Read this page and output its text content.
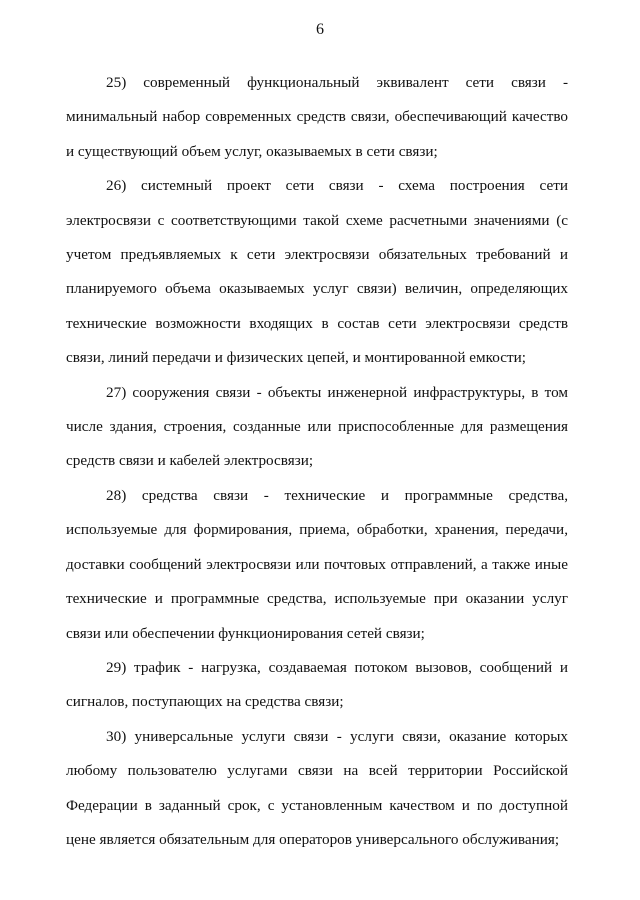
6

25) современный функциональный эквивалент сети связи - минимальный набор современных средств связи, обеспечивающий качество и существующий объем услуг, оказываемых в сети связи;

26) системный проект сети связи - схема построения сети электросвязи с соответствующими такой схеме расчетными значениями (с учетом предъявляемых к сети электросвязи обязательных требований и планируемого объема оказываемых услуг связи) величин, определяющих технические возможности входящих в состав сети электросвязи средств связи, линий передачи и физических цепей, и монтированной емкости;

27) сооружения связи - объекты инженерной инфраструктуры, в том числе здания, строения, созданные или приспособленные для размещения средств связи и кабелей электросвязи;

28) средства связи - технические и программные средства, используемые для формирования, приема, обработки, хранения, передачи, доставки сообщений электросвязи или почтовых отправлений, а также иные технические и программные средства, используемые при оказании услуг связи или обеспечении функционирования сетей связи;

29) трафик - нагрузка, создаваемая потоком вызовов, сообщений и сигналов, поступающих на средства связи;

30) универсальные услуги связи - услуги связи, оказание которых любому пользователю услугами связи на всей территории Российской Федерации в заданный срок, с установленным качеством и по доступной цене является обязательным для операторов универсального обслуживания;
